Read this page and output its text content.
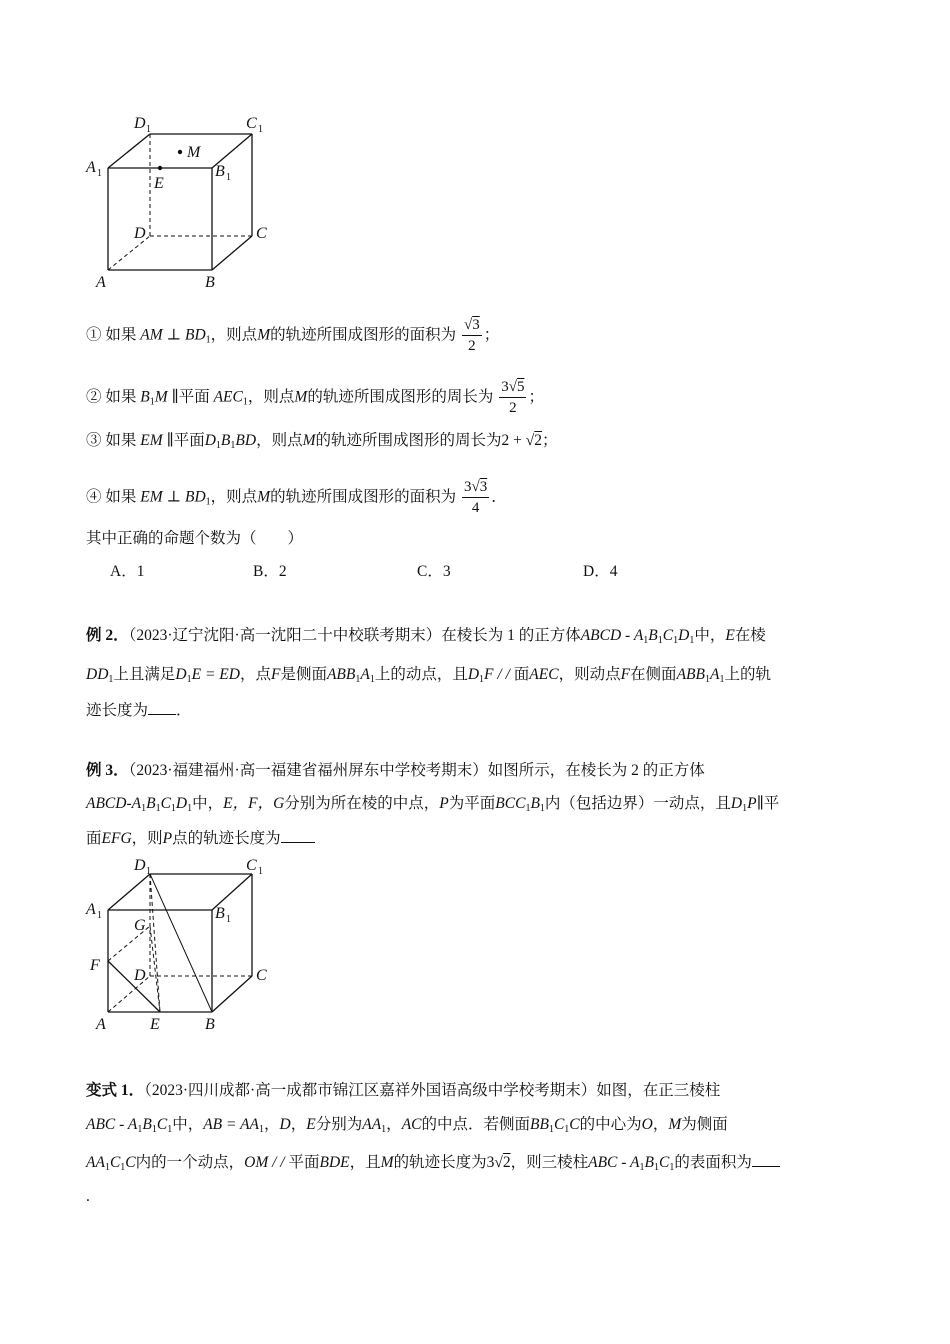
D 1	C 1
A 1	B 1
M
E
D	C
A	B
① 如果 AM ⊥ $BD_1$，则点M的轨迹所围成图形的面积为 $\frac{√3}{2}$ ；
② 如果 $B_1M$ ∥平面 $AEC_1$，则点M的轨迹所围成图形的周长为 $\frac{3√5}{2}$ ；
③ 如果 EM ∥平面$D_1B_1BD$，则点M的轨迹所围成图形的周长为2 + √2；
④ 如果 EM ⊥ $BD_1$，则点M的轨迹所围成图形的面积为 $\frac{3√3}{4}$ ．
其中正确的命题个数为（　　）
A．1	B．2	C．3	D．4
例 2．（2023·辽宁沈阳·高一沈阳二十中校联考期末）在棱长为 1 的正方体ABCD - $A_1B_1C_1D_1$中，E在棱
$DD_1$上且满足$D_1E$ = ED，点F是侧面$ABB_1A_1$上的动点，且$D_1F$ / / 面AEC，则动点F在侧面$ABB_1A_1$上的轨
迹长度为 ．
例 3．（2023·福建福州·高一福建省福州屏东中学校考期末）如图所示，在棱长为 2 的正方体
ABCD-$A_1B_1C_1D_1$中，E，F，G分别为所在棱的中点，P为平面$BCC_1B_1$内（包括边界）一动点，且$D_1P\parallel$平
面EFG，则P点的轨迹长度为
D 1	C 1
A 1	B 1
G
F
D	C
A	E	B
变式 1．（2023·四川成都·高一成都市锦江区嘉祥外国语高级中学校考期末）如图，在正三棱柱
ABC - $A_1B_1C_1$中，AB = $AA_1$，D，E分别为$AA_1$，AC的中点．若侧面$BB_1C_1C$的中心为O，M为侧面
$AA_1C_1C$内的一个动点，OM / / 平面BDE，且M的轨迹长度为3√2，则三棱柱ABC - $A_1B_1C_1$的表面积为
.
